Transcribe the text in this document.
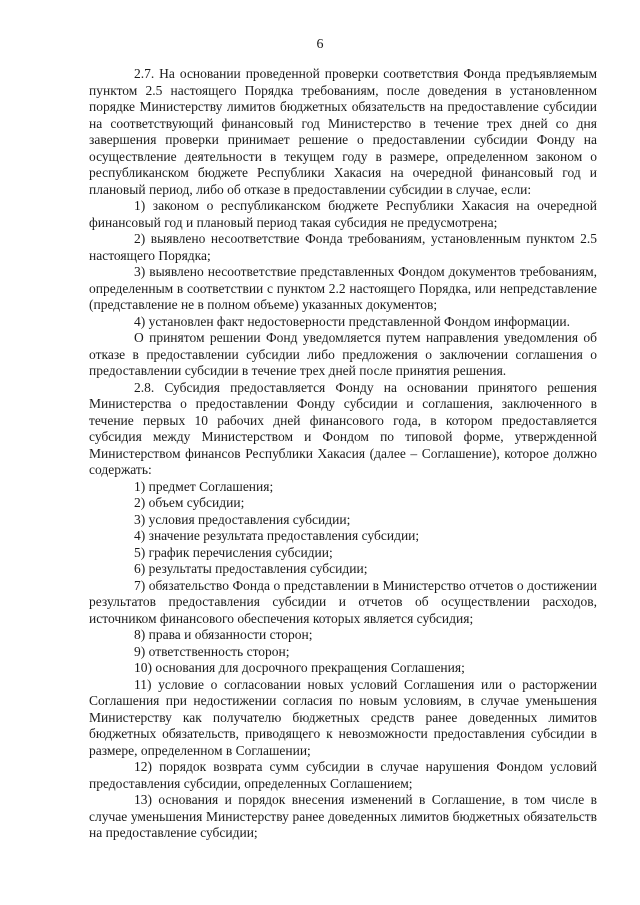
6

2.7. На основании проведенной проверки соответствия Фонда предъявляемым пунктом 2.5 настоящего Порядка требованиям, после доведения в установленном порядке Министерству лимитов бюджетных обязательств на предоставление субсидии на соответствующий финансовый год Министерство в течение трех дней со дня завершения проверки принимает решение о предоставлении субсидии Фонду на осуществление деятельности в текущем году в размере, определенном законом о республиканском бюджете Республики Хакасия на очередной финансовый год и плановый период, либо об отказе в предоставлении субсидии в случае, если:

1) законом о республиканском бюджете Республики Хакасия на очередной финансовый год и плановый период такая субсидия не предусмотрена;

2) выявлено несоответствие Фонда требованиям, установленным пунктом 2.5 настоящего Порядка;

3) выявлено несоответствие представленных Фондом документов требованиям, определенным в соответствии с пунктом 2.2 настоящего Порядка, или непредставление (представление не в полном объеме) указанных документов;

4) установлен факт недостоверности представленной Фондом информации.

О принятом решении Фонд уведомляется путем направления уведомления об отказе в предоставлении субсидии либо предложения о заключении соглашения о предоставлении субсидии в течение трех дней после принятия решения.

2.8. Субсидия предоставляется Фонду на основании принятого решения Министерства о предоставлении Фонду субсидии и соглашения, заключенного в течение первых 10 рабочих дней финансового года, в котором предоставляется субсидия между Министерством и Фондом по типовой форме, утвержденной Министерством финансов Республики Хакасия (далее – Соглашение), которое должно содержать:

1) предмет Соглашения;

2) объем субсидии;

3) условия предоставления субсидии;

4) значение результата предоставления субсидии;

5) график перечисления субсидии;

6) результаты предоставления субсидии;

7) обязательство Фонда о представлении в Министерство отчетов о достижении результатов предоставления субсидии и отчетов об осуществлении расходов, источником финансового обеспечения которых является субсидия;

8) права и обязанности сторон;

9) ответственность сторон;

10) основания для досрочного прекращения Соглашения;

11) условие о согласовании новых условий Соглашения или о расторжении Соглашения при недостижении согласия по новым условиям, в случае уменьшения Министерству как получателю бюджетных средств ранее доведенных лимитов бюджетных обязательств, приводящего к невозможности предоставления субсидии в размере, определенном в Соглашении;

12) порядок возврата сумм субсидии в случае нарушения Фондом условий предоставления субсидии, определенных Соглашением;

13) основания и порядок внесения изменений в Соглашение, в том числе в случае уменьшения Министерству ранее доведенных лимитов бюджетных обязательств на предоставление субсидии;
